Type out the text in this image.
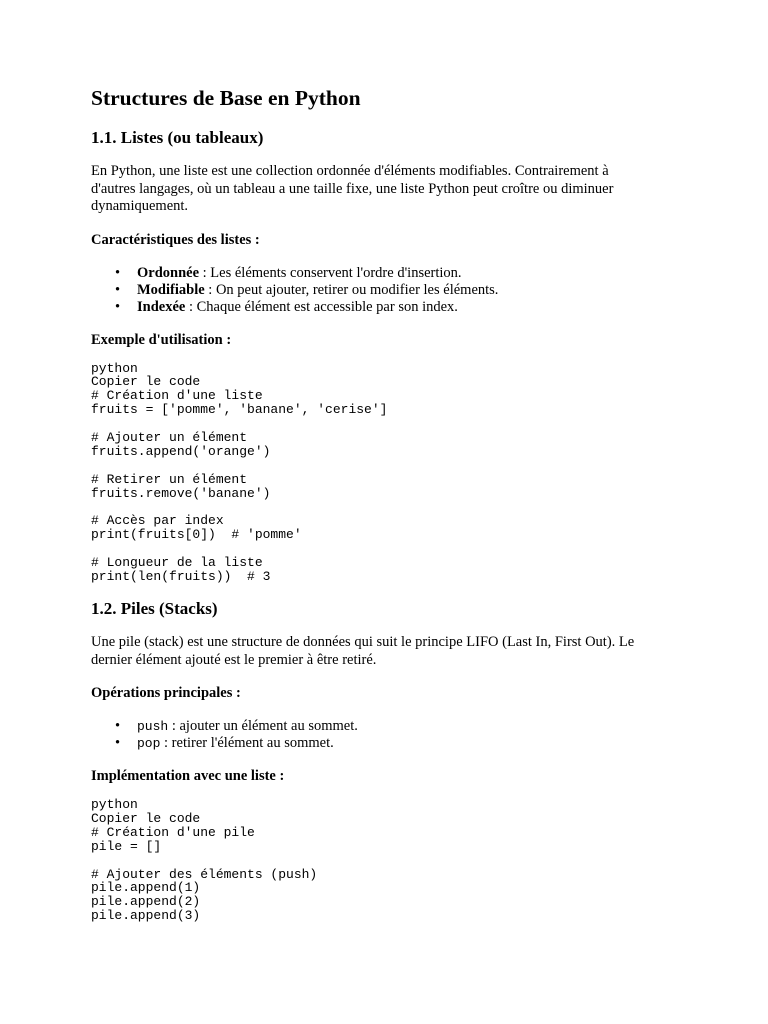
Structures de Base en Python
1.1. Listes (ou tableaux)

En Python, une liste est une collection ordonnée d'éléments modifiables. Contrairement à

d'autres langages, où un tableau a une taille fixe, une liste Python peut croître ou diminuer

dynamiquement.

Caractéristiques des listes :
• Ordonnée : Les éléments conservent l'ordre d'insertion.
• Modifiable : On peut ajouter, retirer ou modifier les éléments.
• Indexée : Chaque élément est accessible par son index.
Exemple d'utilisation :
python
Copier le code
# Création d'une liste
fruits = ['pomme', 'banane', 'cerise']

# Ajouter un élément
fruits.append('orange')

# Retirer un élément
fruits.remove('banane')

# Accès par index
print(fruits[0])  # 'pomme'

# Longueur de la liste
print(len(fruits))  # 3
1.2. Piles (Stacks)

Une pile (stack) est une structure de données qui suit le principe LIFO (Last In, First Out). Le

dernier élément ajouté est le premier à être retiré.

Opérations principales :
• push : ajouter un élément au sommet.
• pop : retirer l'élément au sommet.
Implémentation avec une liste :
python
Copier le code
# Création d'une pile
pile = []

# Ajouter des éléments (push)
pile.append(1)
pile.append(2)
pile.append(3)
